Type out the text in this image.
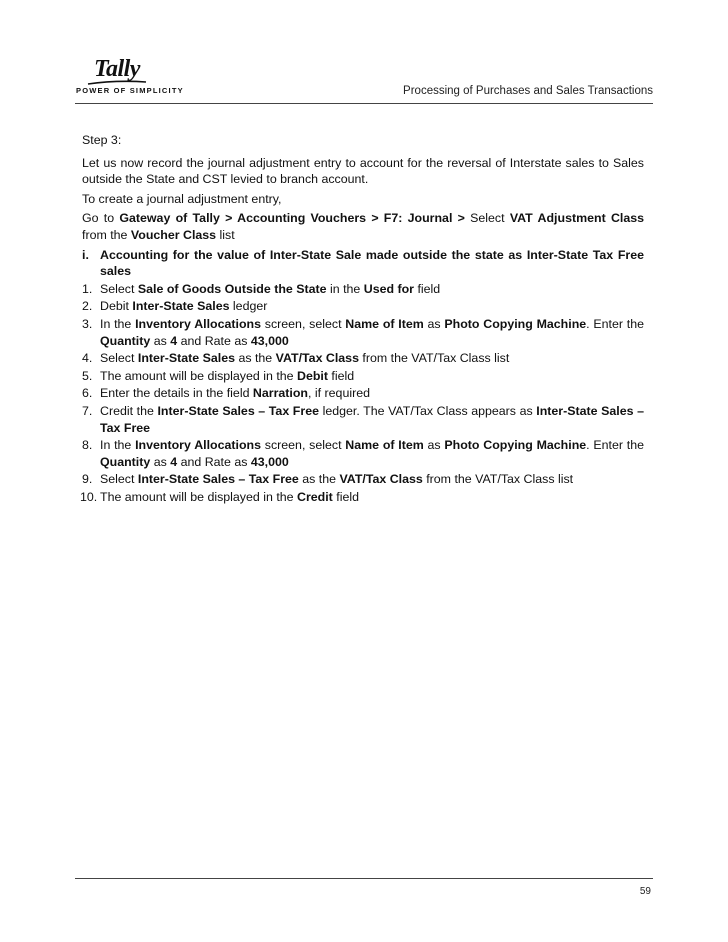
Tally
POWER OF SIMPLICITY	Processing of Purchases and Sales Transactions

Step 3:

Let us now record the journal adjustment entry to account for the reversal of Interstate sales to Sales outside the State and CST levied to branch account.

To create a journal adjustment entry,

Go to Gateway of Tally > Accounting Vouchers > F7: Journal > Select VAT Adjustment Class from the Voucher Class list

i. Accounting for the value of Inter-State Sale made outside the state as Inter-State Tax Free sales
1. Select Sale of Goods Outside the State in the Used for field
2. Debit Inter-State Sales ledger
3. In the Inventory Allocations screen, select Name of Item as Photo Copying Machine. Enter the Quantity as 4 and Rate as 43,000
4. Select Inter-State Sales as the VAT/Tax Class from the VAT/Tax Class list
5. The amount will be displayed in the Debit field
6. Enter the details in the field Narration, if required
7. Credit the Inter-State Sales – Tax Free ledger. The VAT/Tax Class appears as Inter-State Sales – Tax Free
8. In the Inventory Allocations screen, select Name of Item as Photo Copying Machine. Enter the Quantity as 4 and Rate as 43,000
9. Select Inter-State Sales – Tax Free as the VAT/Tax Class from the VAT/Tax Class list
10. The amount will be displayed in the Credit field
59
